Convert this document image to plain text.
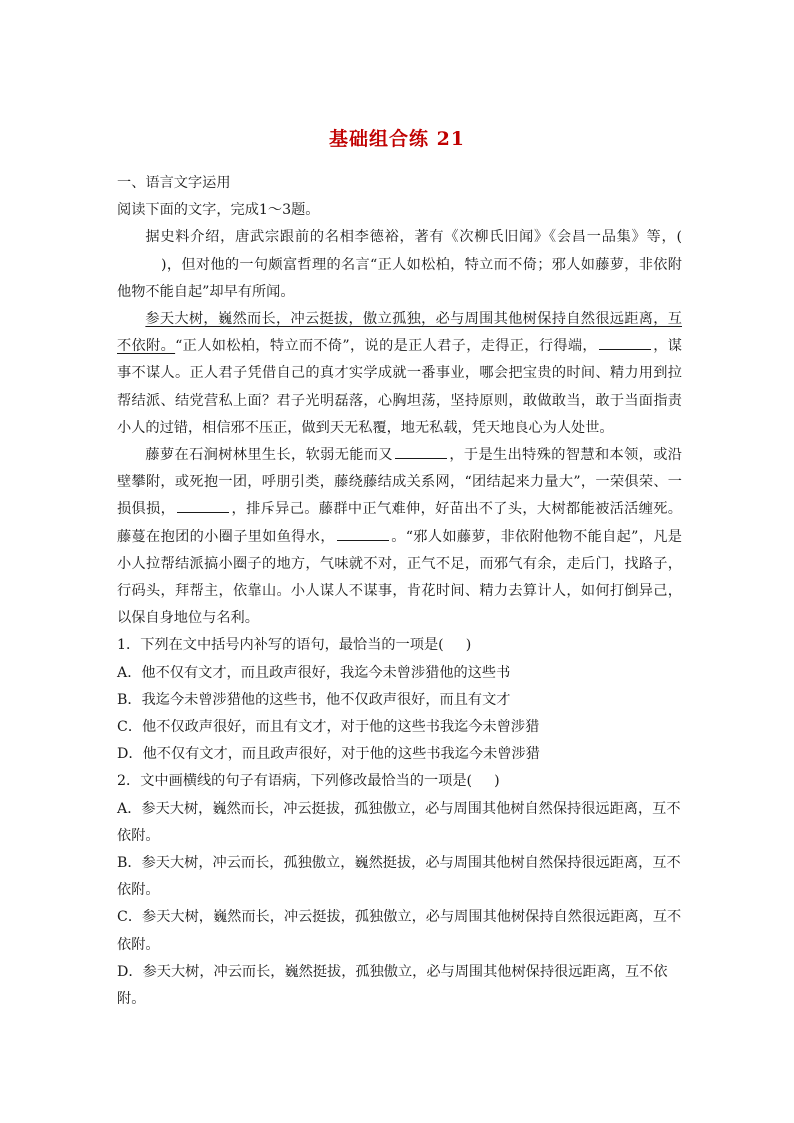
基础组合练 21

一、语言文字运用

阅读下面的文字，完成1～3题。

据史料介绍，唐武宗跟前的名相李德裕，著有《次柳氏旧闻》《会昌一品集》等，()，但对他的一句颇富哲理的名言“正人如松柏，特立而不倚；邪人如藤萝，非依附他物不能自起”却早有所闻。

参天大树，巍然而长，冲云挺拔，傲立孤独，必与周围其他树保持自然很远距离，互不依附。“正人如松柏，特立而不倚”，说的是正人君子，走得正，行得端，	，谋事不谋人。正人君子凭借自己的真才实学成就一番事业，哪会把宝贵的时间、精力用到拉帮结派、结党营私上面？君子光明磊落，心胸坦荡，坚持原则，敢做敢当，敢于当面指责小人的过错，相信邪不压正，做到天无私覆，地无私载，凭天地良心为人处世。

藤萝在石涧树林里生长，软弱无能而又	，于是生出特殊的智慧和本领，或沿壁攀附，或死抱一团，呼朋引类，藤绕藤结成关系网，“团结起来力量大”，一荣俱荣、一损俱损，	，排斥异己。藤群中正气难伸，好苗出不了头，大树都能被活活缠死。藤蔓在抱团的小圈子里如鱼得水，	。“邪人如藤萝，非依附他物不能自起”，凡是小人拉帮结派搞小圈子的地方，气味就不对，正气不足，而邪气有余，走后门，找路子，行码头，拜帮主，依靠山。小人谋人不谋事，肯花时间、精力去算计人，如何打倒异己，以保自身地位与名利。

1．下列在文中括号内补写的语句，最恰当的一项是( )

A．他不仅有文才，而且政声很好，我迄今未曾涉猎他的这些书

B．我迄今未曾涉猎他的这些书，他不仅政声很好，而且有文才

C．他不仅政声很好，而且有文才，对于他的这些书我迄今未曾涉猎

D．他不仅有文才，而且政声很好，对于他的这些书我迄今未曾涉猎

2．文中画横线的句子有语病，下列修改最恰当的一项是( )

A．参天大树，巍然而长，冲云挺拔，孤独傲立，必与周围其他树自然保持很远距离，互不依附。

B．参天大树，冲云而长，孤独傲立，巍然挺拔，必与周围其他树自然保持很远距离，互不依附。

C．参天大树，巍然而长，冲云挺拔，孤独傲立，必与周围其他树保持自然很远距离，互不依附。

D．参天大树，冲云而长，巍然挺拔，孤独傲立，必与周围其他树保持很远距离，互不依附。
